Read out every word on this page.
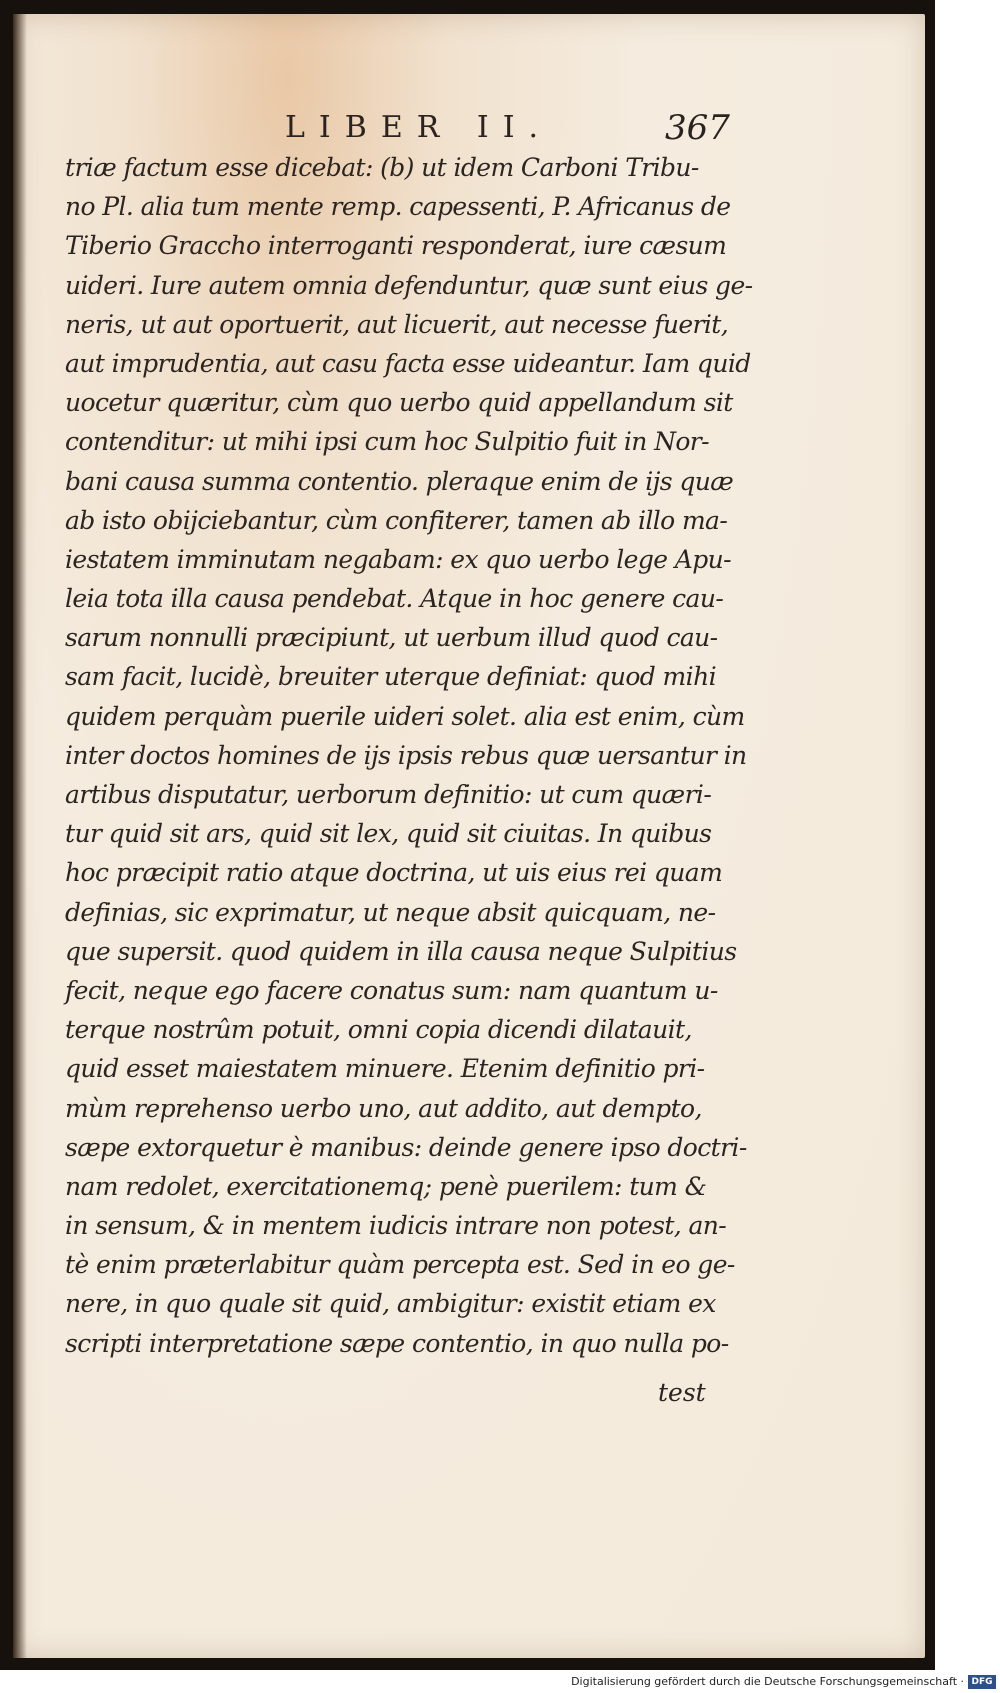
LIBER II.	367
triæ factum esse dicebat: (b) ut idem Carboni Tribu-
no Pl. alia tum mente remp. capessenti, P. Africanus de
Tiberio Graccho interroganti responderat, iure cæsum
uideri. Iure autem omnia defenduntur, quæ sunt eius ge-
neris, ut aut oportuerit, aut licuerit, aut necesse fuerit,
aut imprudentia, aut casu facta esse uideantur. Iam quid
uocetur quæritur, cùm quo uerbo quid appellandum sit
contenditur: ut mihi ipsi cum hoc Sulpitio fuit in Nor-
bani causa summa contentio. pleraque enim de ijs quæ
ab isto obijciebantur, cùm confiterer, tamen ab illo ma-
iestatem imminutam negabam: ex quo uerbo lege Apu-
leia tota illa causa pendebat. Atque in hoc genere cau-
sarum nonnulli præcipiunt, ut uerbum illud quod cau-
sam facit, lucidè, breuiter uterque definiat: quod mihi
quidem perquàm puerile uideri solet. alia est enim, cùm
inter doctos homines de ijs ipsis rebus quæ uersantur in
artibus disputatur, uerborum definitio: ut cum quæri-
tur quid sit ars, quid sit lex, quid sit ciuitas. In quibus
hoc præcipit ratio atque doctrina, ut uis eius rei quam
definias, sic exprimatur, ut neque absit quicquam, ne-
que supersit. quod quidem in illa causa neque Sulpitius
fecit, neque ego facere conatus sum: nam quantum u-
terque nostrûm potuit, omni copia dicendi dilatauit,
quid esset maiestatem minuere. Etenim definitio pri-
mùm reprehenso uerbo uno, aut addito, aut dempto,
sæpe extorquetur è manibus: deinde genere ipso doctri-
nam redolet, exercitationemq; penè puerilem: tum &
in sensum, & in mentem iudicis intrare non potest, an-
tè enim præterlabitur quàm percepta est. Sed in eo ge-
nere, in quo quale sit quid, ambigitur: existit etiam ex
scripti interpretatione sæpe contentio, in quo nulla po-
test
Digitalisierung gefördert durch die Deutsche Forschungsgemeinschaft · DFG
